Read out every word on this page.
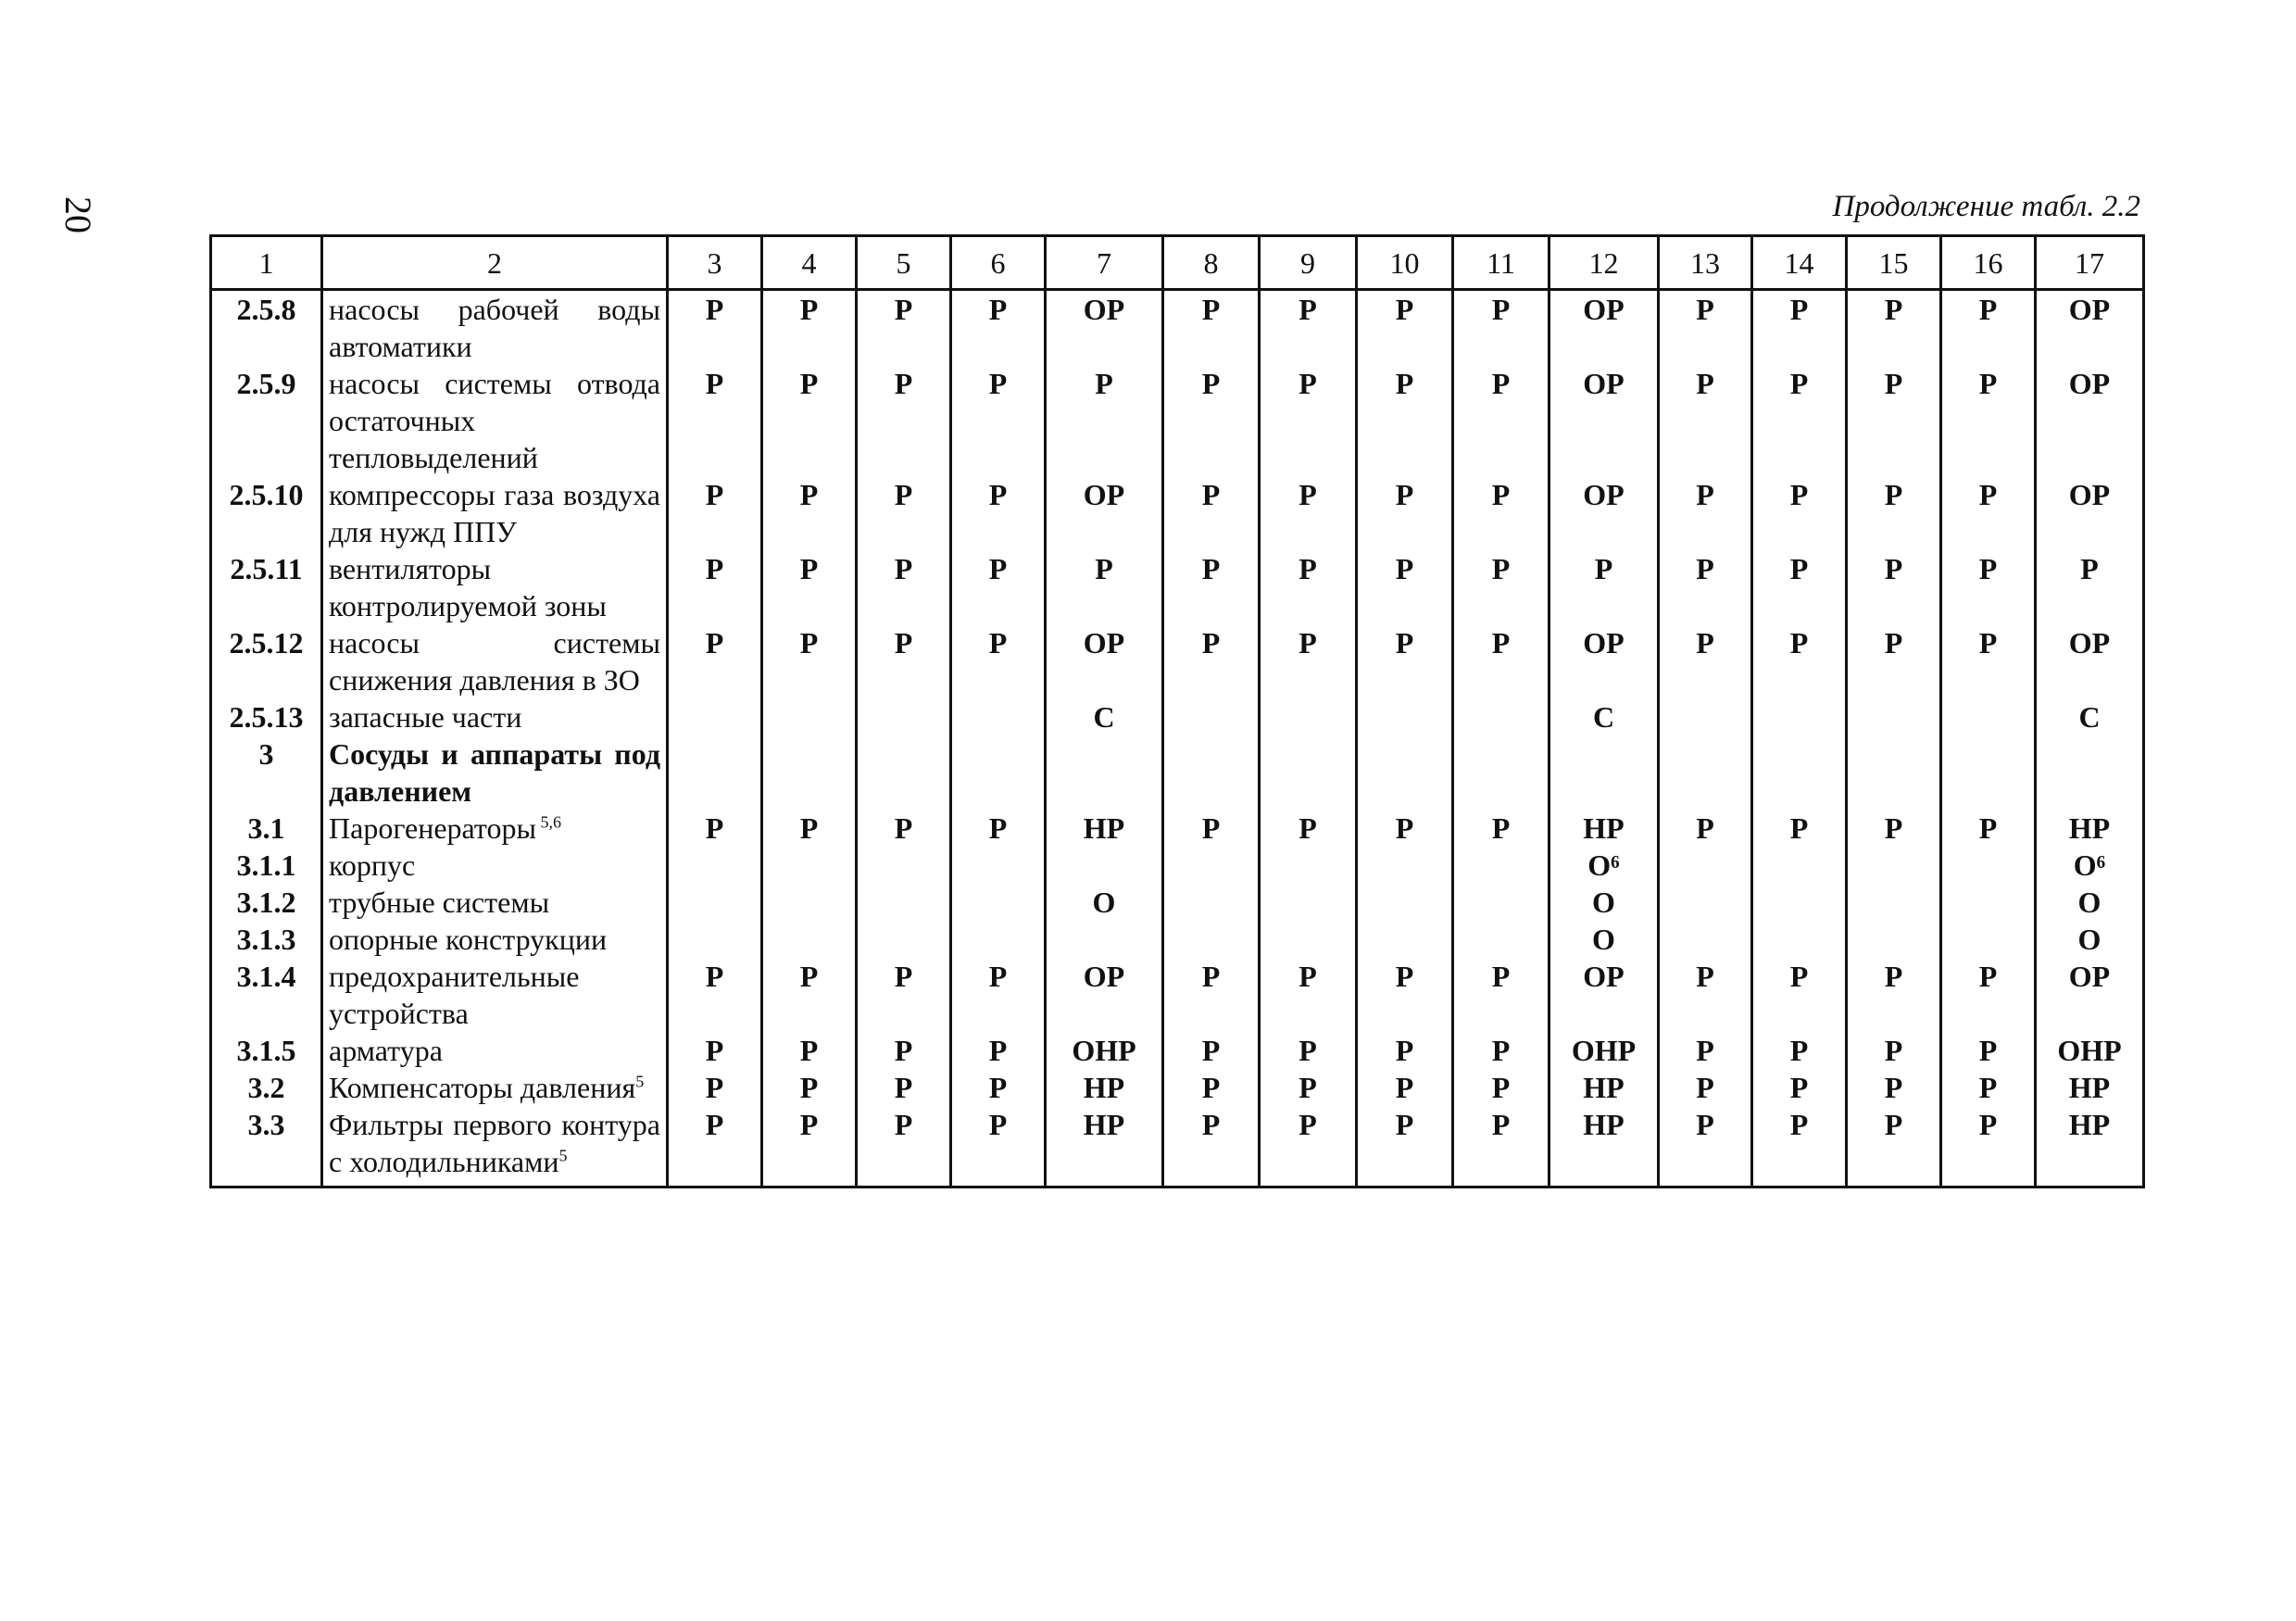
20	Продолжение табл. 2.2
1	2	3	4	5	6	7	8	9	10	11	12	13	14	15	16	17
2.5.8	насосы рабочей воды автоматики	Р	Р	Р	Р	ОР	Р	Р	Р	Р	ОР	Р	Р	Р	Р	ОР
2.5.9	насосы системы отвода остаточных тепловыделений	Р	Р	Р	Р	Р	Р	Р	Р	Р	ОР	Р	Р	Р	Р	ОР
2.5.10	компрессоры газа воздуха для нужд ППУ	Р	Р	Р	Р	ОР	Р	Р	Р	Р	ОР	Р	Р	Р	Р	ОР
2.5.11	вентиляторы контролируемой зоны	Р	Р	Р	Р	Р	Р	Р	Р	Р	Р	Р	Р	Р	Р	Р
2.5.12	насосы системы снижения давления в ЗО	Р	Р	Р	Р	ОР	Р	Р	Р	Р	ОР	Р	Р	Р	Р	ОР
2.5.13	запасные части					С					С					С
3	Сосуды и аппараты под давлением															
3.1	Парогенераторы $^{5,6}$	Р	Р	Р	Р	НР	Р	Р	Р	Р	НР	Р	Р	Р	Р	НР
3.1.1	корпус										О⁶					О⁶
3.1.2	трубные системы					О					О					О
3.1.3	опорные конструкции										О					О
3.1.4	предохранительные устройства	Р	Р	Р	Р	ОР	Р	Р	Р	Р	ОР	Р	Р	Р	Р	ОР
3.1.5	арматура	Р	Р	Р	Р	ОНР	Р	Р	Р	Р	ОНР	Р	Р	Р	Р	ОНР
3.2	Компенсаторы давления$^5$	Р	Р	Р	Р	НР	Р	Р	Р	Р	НР	Р	Р	Р	Р	НР
3.3	Фильтры первого контура с холодильниками$^5$	Р	Р	Р	Р	НР	Р	Р	Р	Р	НР	Р	Р	Р	Р	НР
